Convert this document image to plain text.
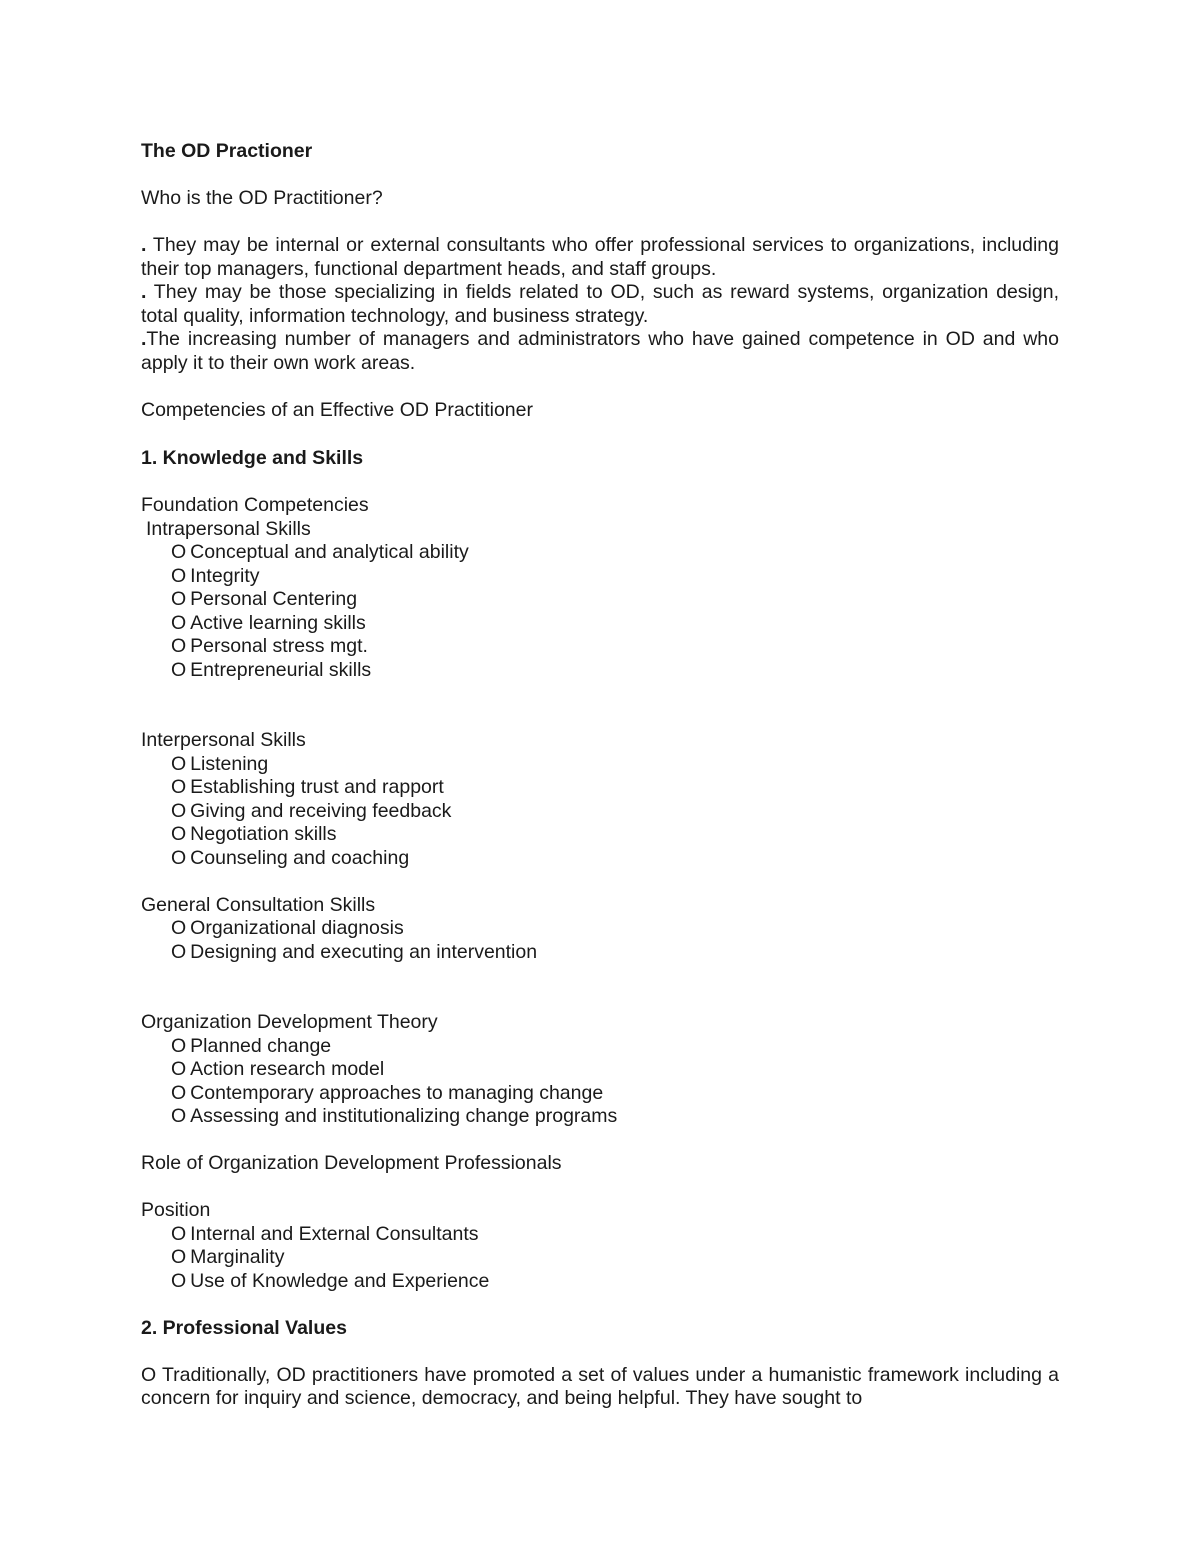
The OD Practioner
Who is the OD Practitioner?
. They may be internal or external consultants who offer professional services to organizations, including their top managers, functional department heads, and staff groups.
. They may be those specializing in fields related to OD, such as reward systems, organization design, total quality, information technology, and business strategy.
.The increasing number of managers and administrators who have gained competence in OD and who apply it to their own work areas.
Competencies of an Effective OD Practitioner
1. Knowledge and Skills
Foundation Competencies
Intrapersonal Skills
O Conceptual and analytical ability
O Integrity
O Personal Centering
O Active learning skills
O Personal stress mgt.
O Entrepreneurial skills
Interpersonal Skills
O Listening
O Establishing trust and rapport
O Giving and receiving feedback
O Negotiation skills
O Counseling and coaching
General Consultation Skills
O Organizational diagnosis
O Designing and executing an intervention
Organization Development Theory
O Planned change
O Action research model
O Contemporary approaches to managing change
O Assessing and institutionalizing change programs
Role of Organization Development Professionals
Position
O Internal and External Consultants
O Marginality
O Use of Knowledge and Experience
2. Professional Values
O Traditionally, OD practitioners have promoted a set of values under a humanistic framework including a concern for inquiry and science, democracy, and being helpful. They have sought to
